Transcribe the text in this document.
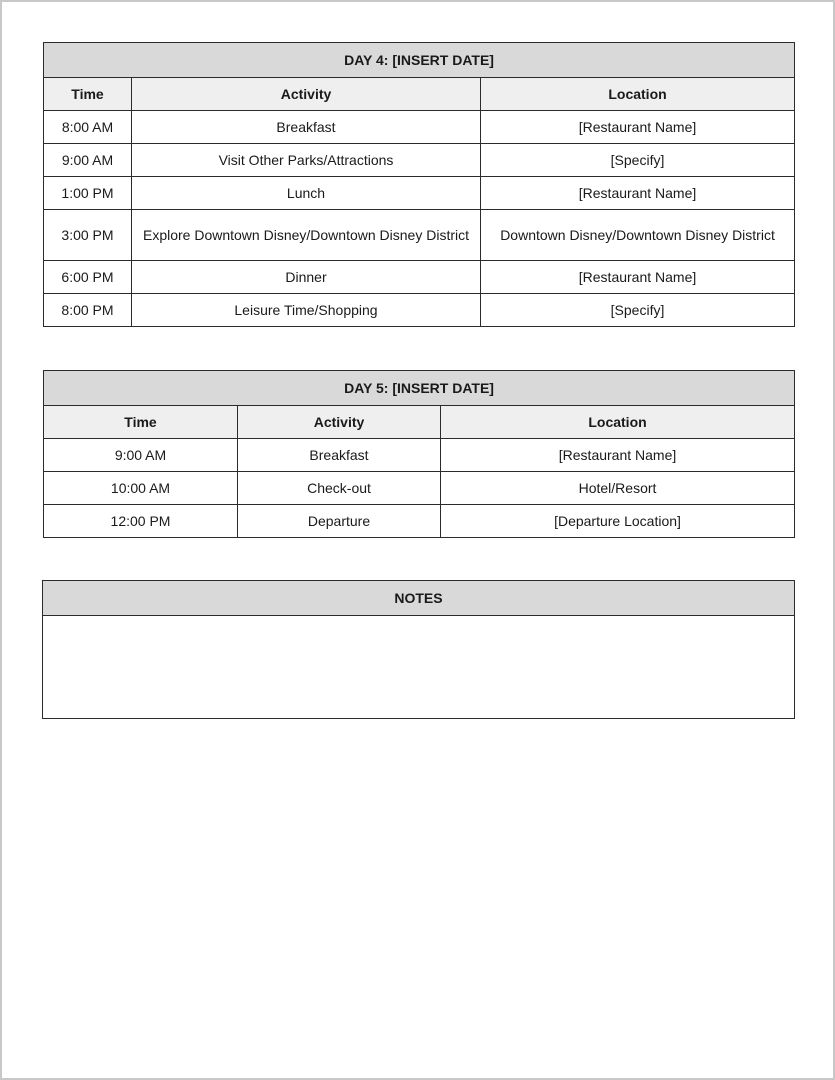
DAY 4: [INSERT DATE]		
Time	Activity	Location
8:00 AM	Breakfast	[Restaurant Name]
9:00 AM	Visit Other Parks/Attractions	[Specify]
1:00 PM	Lunch	[Restaurant Name]
3:00 PM	Explore Downtown Disney/Downtown Disney District	Downtown Disney/Downtown Disney District
6:00 PM	Dinner	[Restaurant Name]
8:00 PM	Leisure Time/Shopping	[Specify]
DAY 5: [INSERT DATE]		
Time	Activity	Location
9:00 AM	Breakfast	[Restaurant Name]
10:00 AM	Check-out	Hotel/Resort
12:00 PM	Departure	[Departure Location]
NOTES
